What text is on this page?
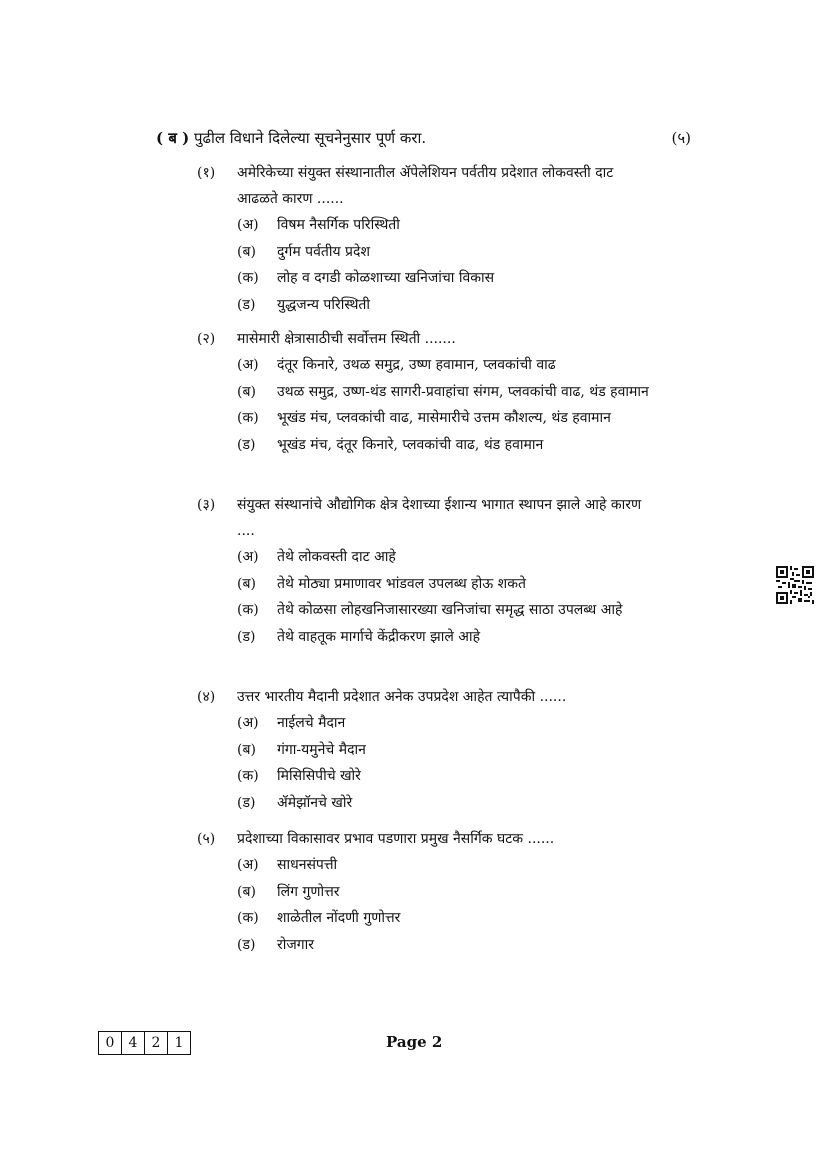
( ब ) पुढील विधाने दिलेल्या सूचनेनुसार पूर्ण करा.	(५)
(१) अमेरिकेच्या संयुक्त संस्थानातील ॲपेलेशियन पर्वतीय प्रदेशात लोकवस्ती दाट आढळते कारण ......
(अ) विषम नैसर्गिक परिस्थिती
(ब) दुर्गम पर्वतीय प्रदेश
(क) लोह व दगडी कोळशाच्या खनिजांचा विकास
(ड) युद्धजन्य परिस्थिती
(२) मासेमारी क्षेत्रासाठीची सर्वोत्तम स्थिती .......
(अ) दंतूर किनारे, उथळ समुद्र, उष्ण हवामान, प्लवकांची वाढ
(ब) उथळ समुद्र, उष्ण-थंड सागरी-प्रवाहांचा संगम, प्लवकांची वाढ, थंड हवामान
(क) भूखंड मंच, प्लवकांची वाढ, मासेमारीचे उत्तम कौशल्य, थंड हवामान
(ड) भूखंड मंच, दंतूर किनारे, प्लवकांची वाढ, थंड हवामान
(३) संयुक्त संस्थानांचे औद्योगिक क्षेत्र देशाच्या ईशान्य भागात स्थापन झाले आहे कारण ....
(अ) तेथे लोकवस्ती दाट आहे
(ब) तेथे मोठ्या प्रमाणावर भांडवल उपलब्ध होऊ शकते
(क) तेथे कोळसा लोहखनिजासारख्या खनिजांचा समृद्ध साठा उपलब्ध आहे
(ड) तेथे वाहतूक मार्गाचे केंद्रीकरण झाले आहे
(४) उत्तर भारतीय मैदानी प्रदेशात अनेक उपप्रदेश आहेत त्यापैकी ......
(अ) नाईलचे मैदान
(ब) गंगा-यमुनेचे मैदान
(क) मिसिसिपीचे खोरे
(ड) ॲमेझॉनचे खोरे
(५) प्रदेशाच्या विकासावर प्रभाव पडणारा प्रमुख नैसर्गिक घटक ......
(अ) साधनसंपत्ती
(ब) लिंग गुणोत्तर
(क) शाळेतील नोंदणी गुणोत्तर
(ड) रोजगार
0	4	2	1	Page 2
